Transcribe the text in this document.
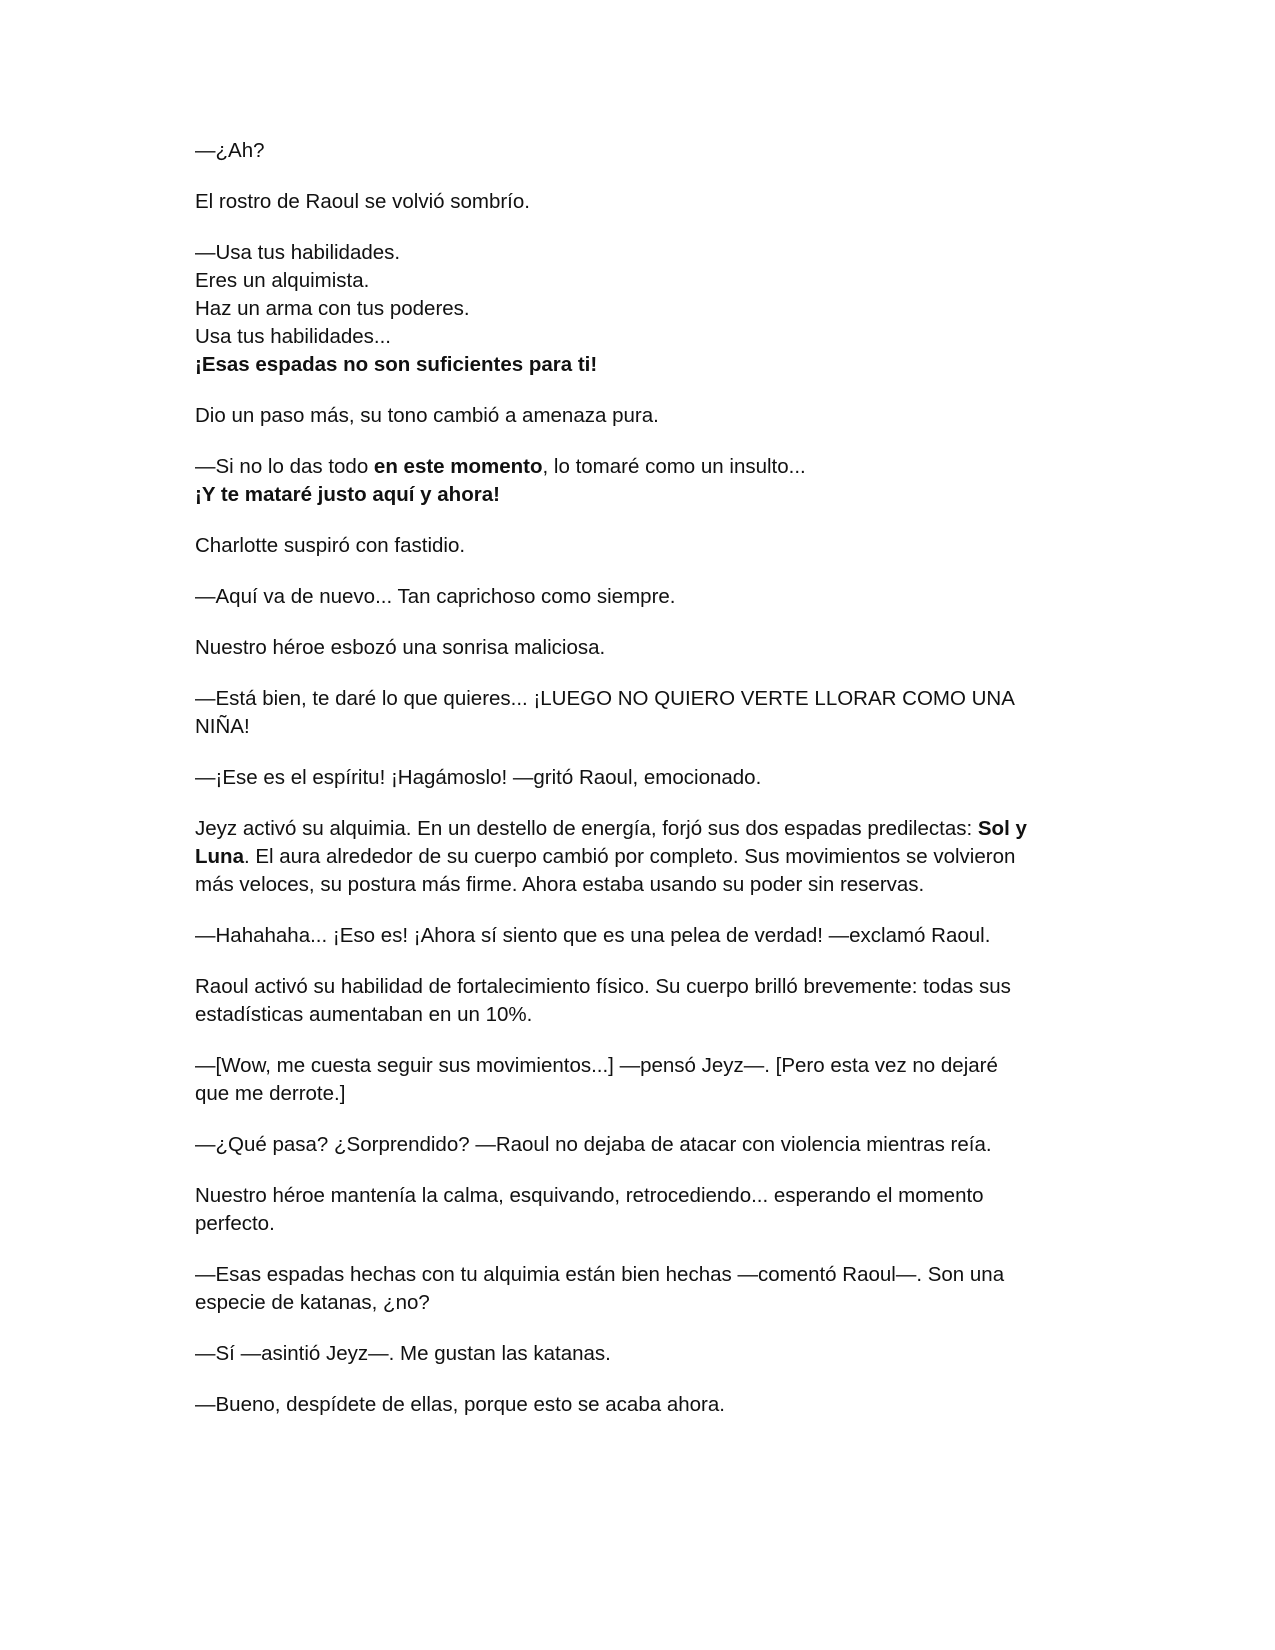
—¿Ah?

El rostro de Raoul se volvió sombrío.

—Usa tus habilidades.
Eres un alquimista.
Haz un arma con tus poderes.
Usa tus habilidades...
¡Esas espadas no son suficientes para ti!

Dio un paso más, su tono cambió a amenaza pura.

—Si no lo das todo en este momento, lo tomaré como un insulto...
¡Y te mataré justo aquí y ahora!

Charlotte suspiró con fastidio.

—Aquí va de nuevo... Tan caprichoso como siempre.

Nuestro héroe esbozó una sonrisa maliciosa.

—Está bien, te daré lo que quieres... ¡LUEGO NO QUIERO VERTE LLORAR COMO UNA
NIÑA!

—¡Ese es el espíritu! ¡Hagámoslo! —gritó Raoul, emocionado.

Jeyz activó su alquimia. En un destello de energía, forjó sus dos espadas predilectas: Sol y
Luna. El aura alrededor de su cuerpo cambió por completo. Sus movimientos se volvieron
más veloces, su postura más firme. Ahora estaba usando su poder sin reservas.

—Hahahaha... ¡Eso es! ¡Ahora sí siento que es una pelea de verdad! —exclamó Raoul.

Raoul activó su habilidad de fortalecimiento físico. Su cuerpo brilló brevemente: todas sus
estadísticas aumentaban en un 10%.

—[Wow, me cuesta seguir sus movimientos...] —pensó Jeyz—. [Pero esta vez no dejaré
que me derrote.]

—¿Qué pasa? ¿Sorprendido? —Raoul no dejaba de atacar con violencia mientras reía.

Nuestro héroe mantenía la calma, esquivando, retrocediendo... esperando el momento
perfecto.

—Esas espadas hechas con tu alquimia están bien hechas —comentó Raoul—. Son una
especie de katanas, ¿no?

—Sí —asintió Jeyz—. Me gustan las katanas.

—Bueno, despídete de ellas, porque esto se acaba ahora.
